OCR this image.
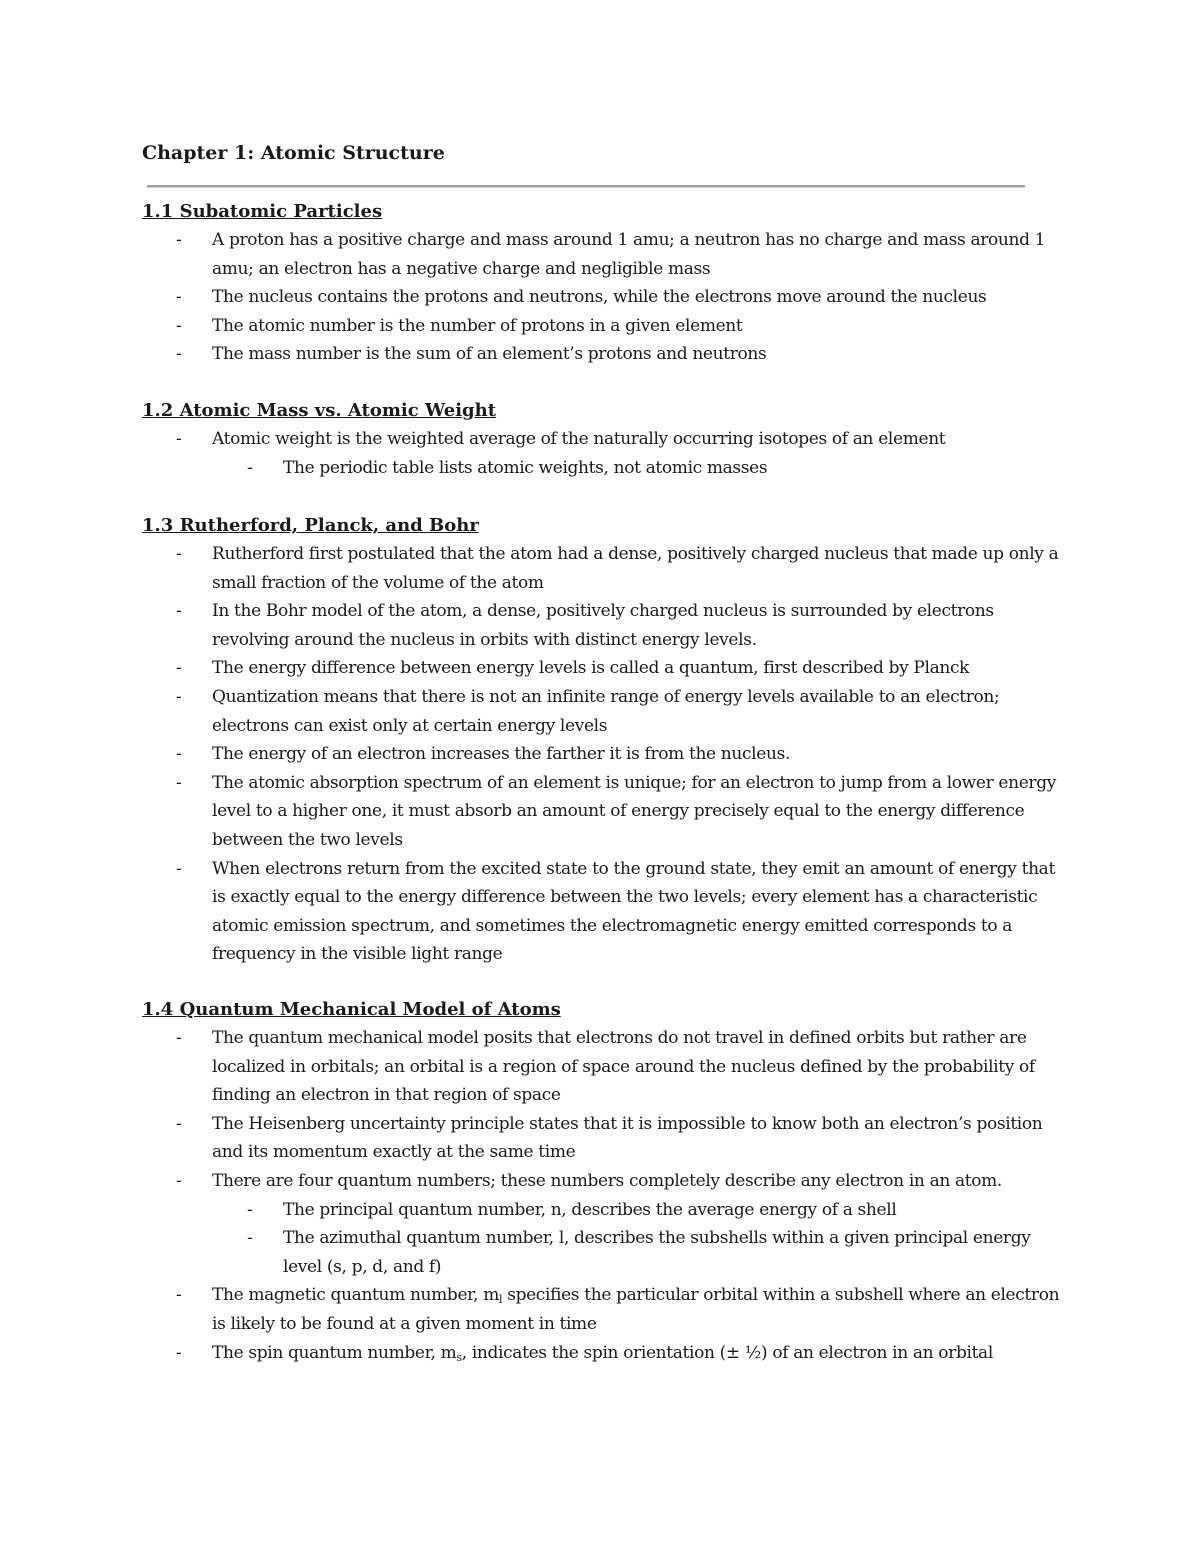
Chapter 1: Atomic Structure
1.1 Subatomic Particles
- A proton has a positive charge and mass around 1 amu; a neutron has no charge and mass around 1 amu; an electron has a negative charge and negligible mass
- The nucleus contains the protons and neutrons, while the electrons move around the nucleus
- The atomic number is the number of protons in a given element
- The mass number is the sum of an element’s protons and neutrons
1.2 Atomic Mass vs. Atomic Weight
- Atomic weight is the weighted average of the naturally occurring isotopes of an element
- The periodic table lists atomic weights, not atomic masses
1.3 Rutherford, Planck, and Bohr
- Rutherford first postulated that the atom had a dense, positively charged nucleus that made up only a small fraction of the volume of the atom
- In the Bohr model of the atom, a dense, positively charged nucleus is surrounded by electrons revolving around the nucleus in orbits with distinct energy levels.
- The energy difference between energy levels is called a quantum, first described by Planck
- Quantization means that there is not an infinite range of energy levels available to an electron; electrons can exist only at certain energy levels
- The energy of an electron increases the farther it is from the nucleus.
- The atomic absorption spectrum of an element is unique; for an electron to jump from a lower energy level to a higher one, it must absorb an amount of energy precisely equal to the energy difference between the two levels
- When electrons return from the excited state to the ground state, they emit an amount of energy that is exactly equal to the energy difference between the two levels; every element has a characteristic atomic emission spectrum, and sometimes the electromagnetic energy emitted corresponds to a frequency in the visible light range
1.4 Quantum Mechanical Model of Atoms
- The quantum mechanical model posits that electrons do not travel in defined orbits but rather are localized in orbitals; an orbital is a region of space around the nucleus defined by the probability of finding an electron in that region of space
- The Heisenberg uncertainty principle states that it is impossible to know both an electron’s position and its momentum exactly at the same time
- There are four quantum numbers; these numbers completely describe any electron in an atom.
- The principal quantum number, n, describes the average energy of a shell
- The azimuthal quantum number, l, describes the subshells within a given principal energy level (s, p, d, and f)
- The magnetic quantum number, $m_l$ specifies the particular orbital within a subshell where an electron is likely to be found at a given moment in time
- The spin quantum number, $m_s$, indicates the spin orientation (± ½) of an electron in an orbital
